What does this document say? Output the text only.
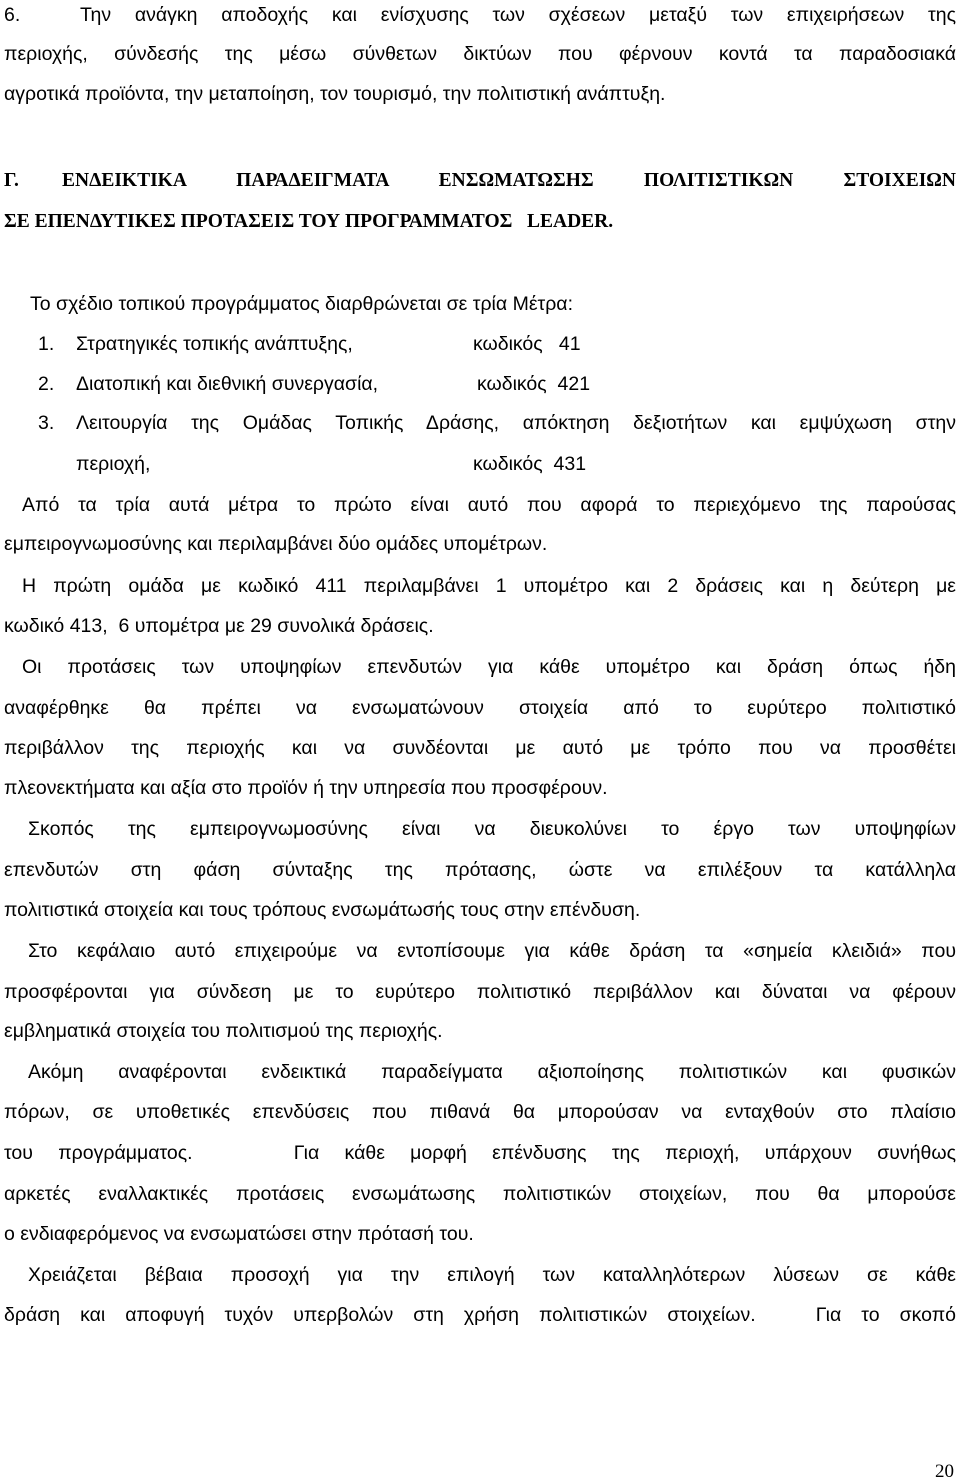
6.	Την ανάγκη αποδοχής και ενίσχυσης των σχέσεων μεταξύ των επιχειρήσεων της
περιοχής, σύνδεσής της μέσω σύνθετων δικτύων που φέρνουν κοντά τα παραδοσιακά
αγροτικά προϊόντα, την μεταποίηση, τον τουρισμό, την πολιτιστική ανάπτυξη.
Γ. ΕΝΔΕΙΚΤΙΚΑ ΠΑΡΑΔΕΙΓΜΑΤΑ ΕΝΣΩΜΑΤΩΣΗΣ ΠΟΛΙΤΙΣΤΙΚΩΝ ΣΤΟΙΧΕΙΩΝ
ΣΕ ΕΠΕΝΔΥΤΙΚΕΣ ΠΡΟΤΑΣΕΙΣ ΤΟΥ ΠΡΟΓΡΑΜΜΑΤΟΣ   LEADER.
Το σχέδιο τοπικού προγράμματος διαρθρώνεται σε τρία Μέτρα:
1. Στρατηγικές τοπικής ανάπτυξης,	κωδικός   41
2. Διατοπική και διεθνική συνεργασία,	κωδικός  421
3. Λειτουργία της Ομάδας Τοπικής Δράσης, απόκτηση δεξιοτήτων και εμψύχωση στην
περιοχή,	κωδικός  431
Από τα τρία αυτά μέτρα το πρώτο είναι αυτό που αφορά το περιεχόμενο της παρούσας
εμπειρογνωμοσύνης και περιλαμβάνει δύο ομάδες υπομέτρων.
Η πρώτη ομάδα με κωδικό 411 περιλαμβάνει 1 υπομέτρο και 2 δράσεις και η δεύτερη με
κωδικό 413,  6 υπομέτρα με 29 συνολικά δράσεις.
Οι προτάσεις των υποψηφίων επενδυτών για κάθε υπομέτρο και δράση όπως ήδη
αναφέρθηκε θα πρέπει να ενσωματώνουν στοιχεία από το ευρύτερο πολιτιστικό
περιβάλλον της περιοχής και να συνδέονται με αυτό με τρόπο που να προσθέτει
πλεονεκτήματα και αξία στο προϊόν ή την υπηρεσία που προσφέρουν.
Σκοπός της εμπειρογνωμοσύνης είναι να διευκολύνει το έργο των υποψηφίων
επενδυτών στη φάση σύνταξης της πρότασης, ώστε να επιλέξουν τα κατάλληλα
πολιτιστικά στοιχεία και τους τρόπους ενσωμάτωσής τους στην επένδυση.
Στο κεφάλαιο αυτό επιχειρούμε να εντοπίσουμε για κάθε δράση τα «σημεία κλειδιά» που
προσφέρονται για σύνδεση με το ευρύτερο πολιτιστικό περιβάλλον και δύναται να φέρουν
εμβληματικά στοιχεία του πολιτισμού της περιοχής.
Ακόμη αναφέρονται ενδεικτικά παραδείγματα αξιοποίησης πολιτιστικών και φυσικών
πόρων, σε υποθετικές επενδύσεις που πιθανά θα μπορούσαν να ενταχθούν στο πλαίσιο
του προγράμματος.    Για κάθε μορφή επένδυσης της περιοχή, υπάρχουν συνήθως
αρκετές εναλλακτικές προτάσεις ενσωμάτωσης πολιτιστικών στοιχείων, που θα μπορούσε
ο ενδιαφερόμενος να ενσωματώσει στην πρότασή του.
Χρειάζεται βέβαια προσοχή για την επιλογή των καταλληλότερων λύσεων σε κάθε
δράση και αποφυγή τυχόν υπερβολών στη χρήση πολιτιστικών στοιχείων.   Για το σκοπό
20
